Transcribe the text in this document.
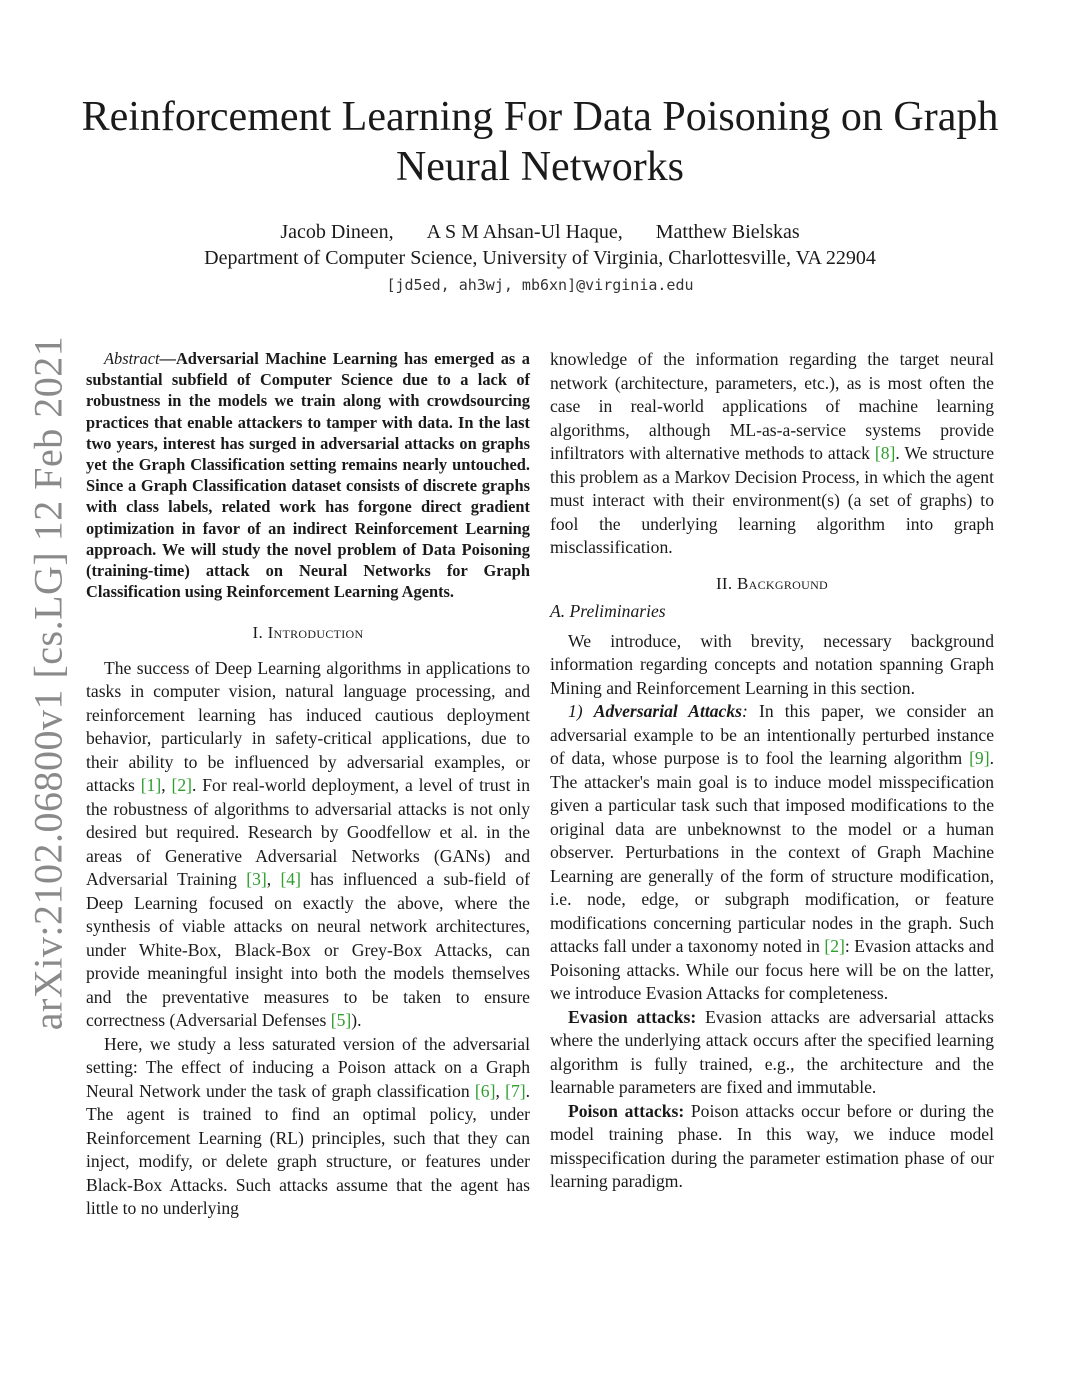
arXiv:2102.06800v1 [cs.LG] 12 Feb 2021
Reinforcement Learning For Data Poisoning on Graph Neural Networks
Jacob Dineen, A S M Ahsan-Ul Haque, Matthew Bielskas
Department of Computer Science, University of Virginia, Charlottesville, VA 22904
[jd5ed, ah3wj, mb6xn]@virginia.edu

Abstract—Adversarial Machine Learning has emerged as a substantial subfield of Computer Science due to a lack of robustness in the models we train along with crowdsourcing practices that enable attackers to tamper with data. In the last two years, interest has surged in adversarial attacks on graphs yet the Graph Classification setting remains nearly untouched. Since a Graph Classification dataset consists of discrete graphs with class labels, related work has forgone direct gradient optimization in favor of an indirect Reinforcement Learning approach. We will study the novel problem of Data Poisoning (training-time) attack on Neural Networks for Graph Classification using Reinforcement Learning Agents.

I. Introduction

The success of Deep Learning algorithms in applications to tasks in computer vision, natural language processing, and reinforcement learning has induced cautious deployment behavior, particularly in safety-critical applications, due to their ability to be influenced by adversarial examples, or attacks [1], [2]. For real-world deployment, a level of trust in the robustness of algorithms to adversarial attacks is not only desired but required. Research by Goodfellow et al. in the areas of Generative Adversarial Networks (GANs) and Adversarial Training [3], [4] has influenced a sub-field of Deep Learning focused on exactly the above, where the synthesis of viable attacks on neural network architectures, under White-Box, Black-Box or Grey-Box Attacks, can provide meaningful insight into both the models themselves and the preventative measures to be taken to ensure correctness (Adversarial Defenses [5]).

Here, we study a less saturated version of the adversarial setting: The effect of inducing a Poison attack on a Graph Neural Network under the task of graph classification [6], [7]. The agent is trained to find an optimal policy, under Reinforcement Learning (RL) principles, such that they can inject, modify, or delete graph structure, or features under Black-Box Attacks. Such attacks assume that the agent has little to no underlying

knowledge of the information regarding the target neural network (architecture, parameters, etc.), as is most often the case in real-world applications of machine learning algorithms, although ML-as-a-service systems provide infiltrators with alternative methods to attack [8]. We structure this problem as a Markov Decision Process, in which the agent must interact with their environment(s) (a set of graphs) to fool the underlying learning algorithm into graph misclassification.

II. Background
A. Preliminaries

We introduce, with brevity, necessary background information regarding concepts and notation spanning Graph Mining and Reinforcement Learning in this section.

1) Adversarial Attacks: In this paper, we consider an adversarial example to be an intentionally perturbed instance of data, whose purpose is to fool the learning algorithm [9]. The attacker's main goal is to induce model misspecification given a particular task such that imposed modifications to the original data are unbeknownst to the model or a human observer. Perturbations in the context of Graph Machine Learning are generally of the form of structure modification, i.e. node, edge, or subgraph modification, or feature modifications concerning particular nodes in the graph. Such attacks fall under a taxonomy noted in [2]: Evasion attacks and Poisoning attacks. While our focus here will be on the latter, we introduce Evasion Attacks for completeness.

Evasion attacks: Evasion attacks are adversarial attacks where the underlying attack occurs after the specified learning algorithm is fully trained, e.g., the architecture and the learnable parameters are fixed and immutable.

Poison attacks: Poison attacks occur before or during the model training phase. In this way, we induce model misspecification during the parameter estimation phase of our learning paradigm.
